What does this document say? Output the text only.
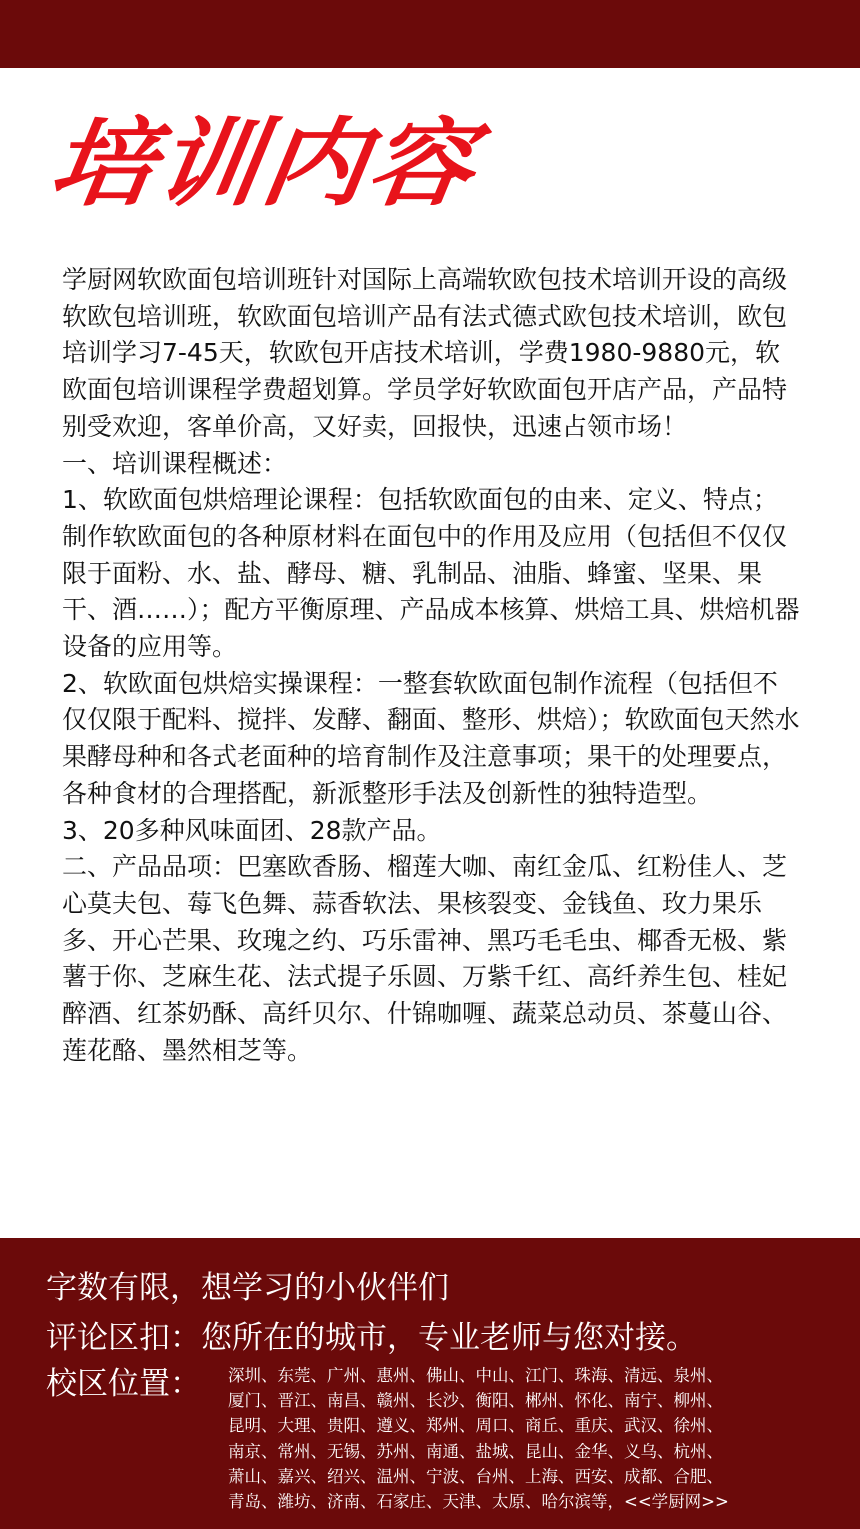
培训内容

学厨网软欧面包培训班针对国际上高端软欧包技术培训开设的高级软欧包培训班，软欧面包培训产品有法式德式欧包技术培训，欧包培训学习7-45天，软欧包开店技术培训，学费1980-9880元，软欧面包培训课程学费超划算。学员学好软欧面包开店产品，产品特别受欢迎，客单价高，又好卖，回报快，迅速占领市场！

一、培训课程概述：

1、软欧面包烘焙理论课程：包括软欧面包的由来、定义、特点；制作软欧面包的各种原材料在面包中的作用及应用（包括但不仅仅限于面粉、水、盐、酵母、糖、乳制品、油脂、蜂蜜、坚果、果干、酒……）；配方平衡原理、产品成本核算、烘焙工具、烘焙机器设备的应用等。

2、软欧面包烘焙实操课程：一整套软欧面包制作流程（包括但不仅仅限于配料、搅拌、发酵、翻面、整形、烘焙）；软欧面包天然水果酵母种和各式老面种的培育制作及注意事项；果干的处理要点，各种食材的合理搭配，新派整形手法及创新性的独特造型。

3、20多种风味面团、28款产品。

二、产品品项：巴塞欧香肠、榴莲大咖、南红金瓜、红粉佳人、芝心莫夫包、莓飞色舞、蒜香软法、果核裂变、金钱鱼、玫力果乐多、开心芒果、玫瑰之约、巧乐雷神、黑巧毛毛虫、椰香无极、紫薯于你、芝麻生花、法式提子乐圆、万紫千红、高纤养生包、桂妃醉酒、红茶奶酥、高纤贝尔、什锦咖喱、蔬菜总动员、茶蔓山谷、莲花酪、墨然相芝等。

字数有限，想学习的小伙伴们

评论区扣：您所在的城市，专业老师与您对接。

校区位置： 深圳、东莞、广州、惠州、佛山、中山、江门、珠海、清远、泉州、
厦门、晋江、南昌、赣州、长沙、衡阳、郴州、怀化、南宁、柳州、
昆明、大理、贵阳、遵义、郑州、周口、商丘、重庆、武汉、徐州、
南京、常州、无锡、苏州、南通、盐城、昆山、金华、义乌、杭州、
萧山、嘉兴、绍兴、温州、宁波、台州、上海、西安、成都、合肥、
青岛、潍坊、济南、石家庄、天津、太原、哈尔滨等，<<学厨网>>
